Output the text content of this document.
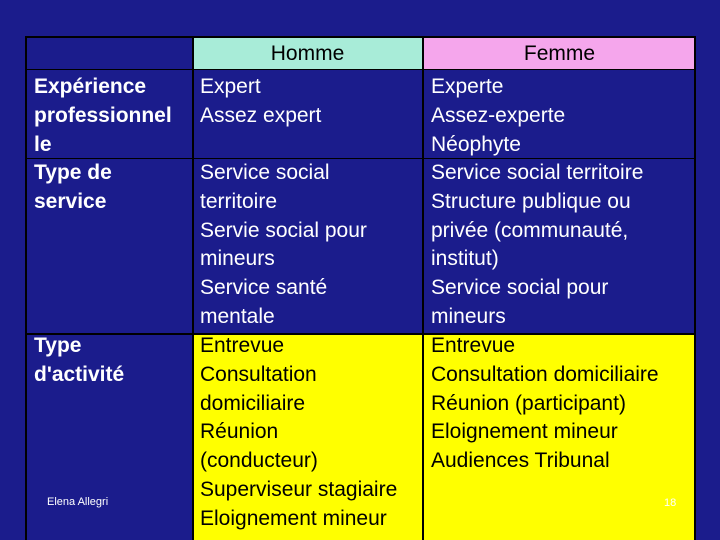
Homme	Femme
Expérience
professionnel
le
Expert
Assez expert
Experte
Assez-experte
Néophyte
Type de
service
Service social
territoire
Servie social pour
mineurs
Service santé
mentale
Service social territoire
Structure publique ou
privée (communauté,
institut)
Service social pour
mineurs
Type
d'activité
Entrevue
Consultation
domiciliaire
Réunion
(conducteur)
Superviseur stagiaire
Eloignement mineur
Entrevue
Consultation domiciliaire
Réunion (participant)
Eloignement mineur
Audiences Tribunal
Elena Allegri	18
